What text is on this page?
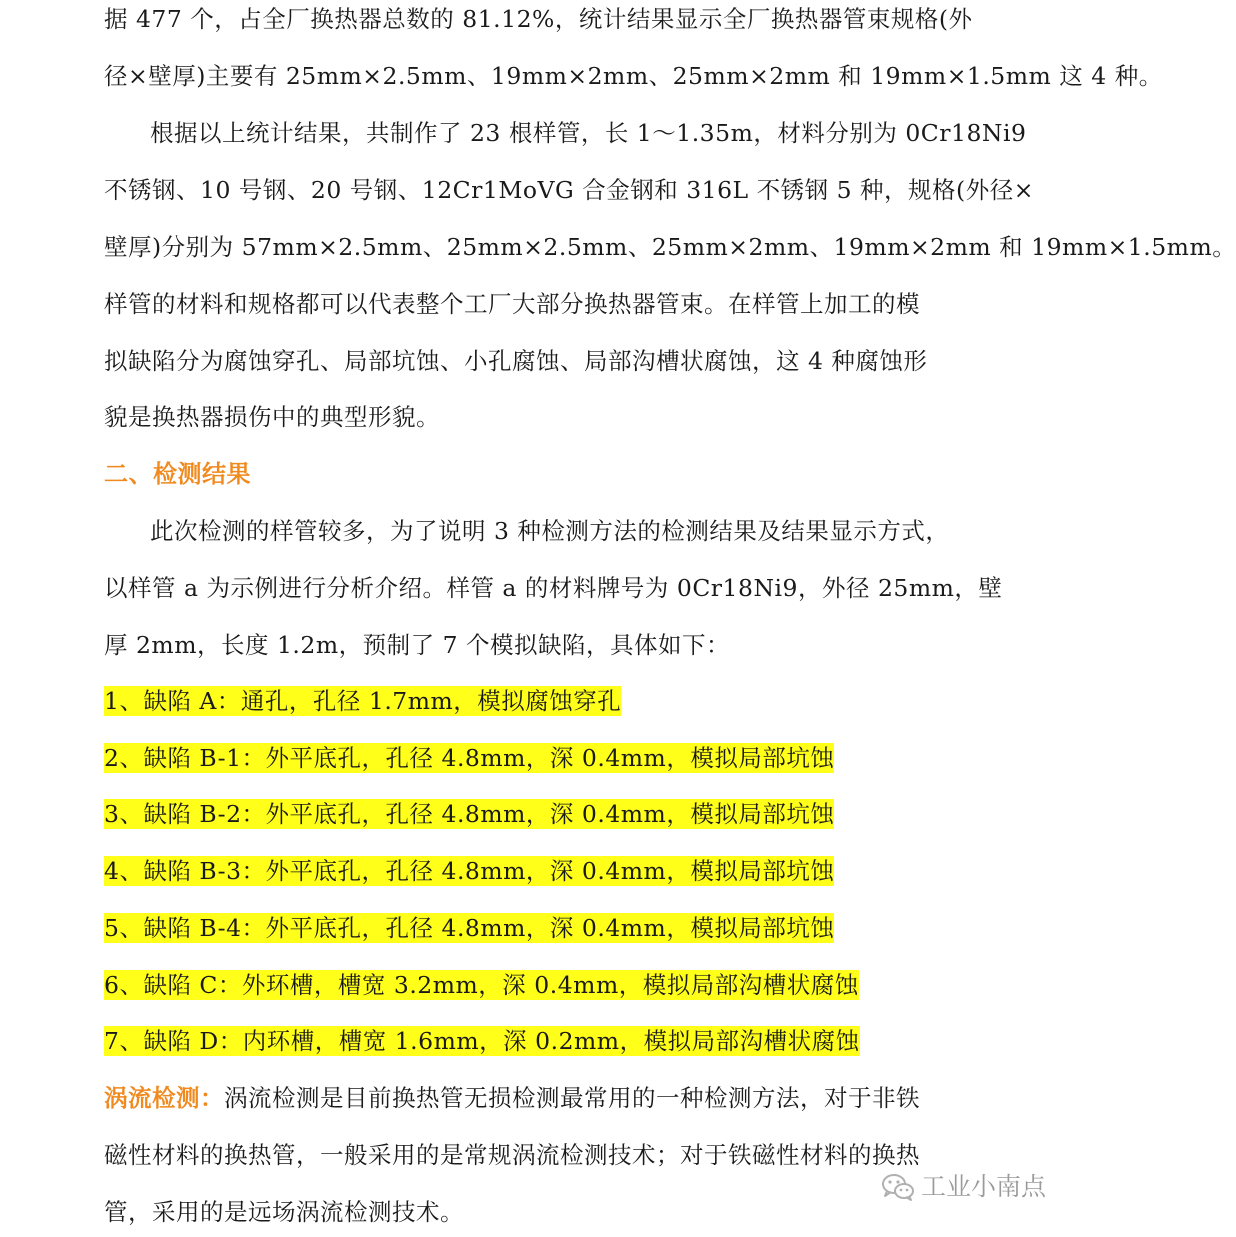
据 477 个，占全厂换热器总数的 81.12%，统计结果显示全厂换热器管束规格(外
径×壁厚)主要有 25mm×2.5mm、19mm×2mm、25mm×2mm 和 19mm×1.5mm 这 4 种。
根据以上统计结果，共制作了 23 根样管，长 1～1.35m，材料分别为 0Cr18Ni9
不锈钢、10 号钢、20 号钢、12Cr1MoVG 合金钢和 316L 不锈钢 5 种，规格(外径×
壁厚)分别为 57mm×2.5mm、25mm×2.5mm、25mm×2mm、19mm×2mm 和 19mm×1.5mm。
样管的材料和规格都可以代表整个工厂大部分换热器管束。在样管上加工的模
拟缺陷分为腐蚀穿孔、局部坑蚀、小孔腐蚀、局部沟槽状腐蚀，这 4 种腐蚀形
貌是换热器损伤中的典型形貌。
二、检测结果
此次检测的样管较多，为了说明 3 种检测方法的检测结果及结果显示方式，
以样管 a 为示例进行分析介绍。样管 a 的材料牌号为 0Cr18Ni9，外径 25mm，壁
厚 2mm，长度 1.2m，预制了 7 个模拟缺陷，具体如下：
1、缺陷 A：通孔，孔径 1.7mm，模拟腐蚀穿孔
2、缺陷 B-1：外平底孔，孔径 4.8mm，深 0.4mm，模拟局部坑蚀
3、缺陷 B-2：外平底孔，孔径 4.8mm，深 0.4mm，模拟局部坑蚀
4、缺陷 B-3：外平底孔，孔径 4.8mm，深 0.4mm，模拟局部坑蚀
5、缺陷 B-4：外平底孔，孔径 4.8mm，深 0.4mm，模拟局部坑蚀
6、缺陷 C：外环槽，槽宽 3.2mm，深 0.4mm，模拟局部沟槽状腐蚀
7、缺陷 D：内环槽，槽宽 1.6mm，深 0.2mm，模拟局部沟槽状腐蚀
涡流检测：涡流检测是目前换热管无损检测最常用的一种检测方法，对于非铁
磁性材料的换热管，一般采用的是常规涡流检测技术；对于铁磁性材料的换热
管，采用的是远场涡流检测技术。
工业小南点
